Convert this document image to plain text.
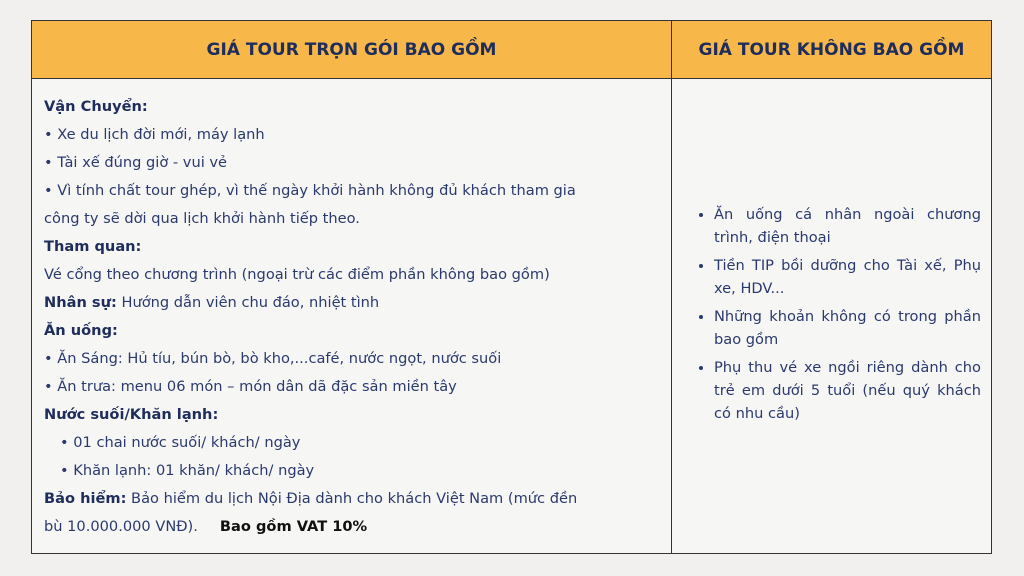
GIÁ TOUR TRỌN GÓI BAO GỒM	GIÁ TOUR KHÔNG BAO GỒM
Vận Chuyển:
• Xe du lịch đời mới, máy lạnh
• Tài xế đúng giờ - vui vẻ
• Vì tính chất tour ghép, vì thế ngày khởi hành không đủ khách tham gia
công ty sẽ dời qua lịch khởi hành tiếp theo.
Tham quan:
Vé cổng theo chương trình (ngoại trừ các điểm phần không bao gồm)
Nhân sự: Hướng dẫn viên chu đáo, nhiệt tình
Ăn uống:
• Ăn Sáng: Hủ tíu, bún bò, bò kho,...café, nước ngọt, nước suối
• Ăn trưa: menu 06 món – món dân dã đặc sản miền tây
Nước suối/Khăn lạnh:
• 01 chai nước suối/ khách/ ngày
• Khăn lạnh: 01 khăn/ khách/ ngày
Bảo hiểm: Bảo hiểm du lịch Nội Địa dành cho khách Việt Nam (mức đền
bù 10.000.000 VNĐ). Bao gồm VAT 10%
• Ăn uống cá nhân ngoài chương trình, điện thoại
• Tiền TIP bồi dưỡng cho Tài xế, Phụ xe, HDV...
• Những khoản không có trong phần bao gồm
• Phụ thu vé xe ngồi riêng dành cho trẻ em dưới 5 tuổi (nếu quý khách có nhu cầu)
